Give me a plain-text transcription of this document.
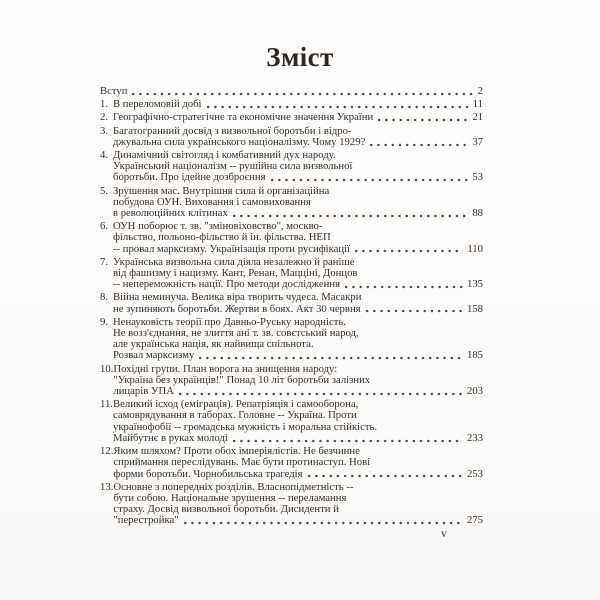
Зміст
Вступ	2
1. В переломовій добі	11
2. Географічно-стратегічне та економічне значення України	21
3. Багатогранний досвід з визвольної боротьби і відро-
джувальна сила українського націоналізму. Чому 1929?	37
4. Динамічний світогляд і комбативний дух народу.
Український націоналізм -- рушійна сила визвольної
боротьби. Про ідейне дозброєння	53
5. Зрушення мас. Внутрішня сила й організаційна
побудова ОУН. Виховання і самовиховання
в революційних клітинах	88
6. ОУН поборює т. зв. "зміновіховство", москво-
фільство, польоно-фільство й ін. фільства. НЕП
-- провал марксизму. Українізація проти русифікації	110
7. Українська визвольна сила діяла незалежно й раніше
від фашизму і нацизму. Кант, Ренан, Мацціні, Донцов
-- непереможність нації. Про методи дослідження	135
8. Війна неминуча. Велика віра творить чудеса. Масакри
не зупиняють боротьби. Жертви в боях. Акт 30 червня	158
9. Ненауковість теорії про Давньо-Руську народність.
Не возз'єднання, не злиття ані т. зв. совєтський народ,
але українська нація, як найвища спільнота.
Розвал марксизму	185
10. Похідні групи. План ворога на знищення народу:
"Україна без українців!" Понад 10 літ боротьби залізних
лицарів УПА	203
11. Великий ісход (еміграція). Репатріяція і самооборона,
самоврядування в таборах. Головне -- Україна. Проти
українофобії -- громадська мужність і моральна стійкість.
Майбутнє в руках молоді	233
12. Яким шляхом? Проти обох імперіялістів. Не безчинне
сприймання переслідувань. Має бути протинаступ. Нові
форми боротьби. Чорнобильська трагедія	253
13. Основне з попередніх розділів. Власнопідметність --
бути собою. Національне зрушення -- переламання
страху. Досвід визвольної боротьби. Дисиденти й
"перестройка"	275
v
